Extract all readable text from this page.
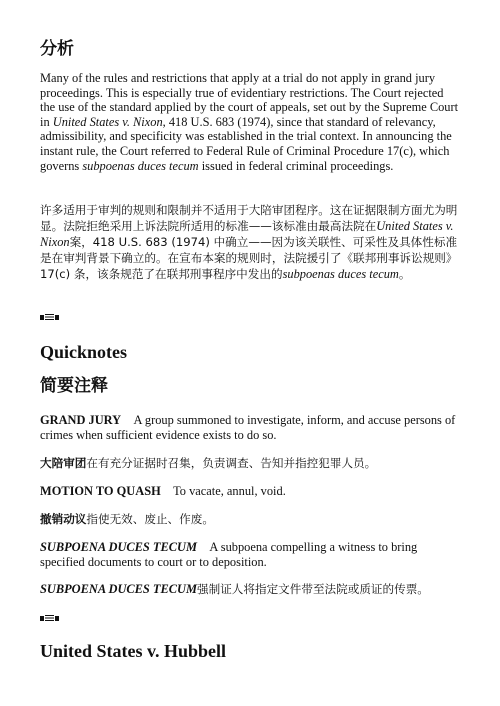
分析

Many of the rules and restrictions that apply at a trial do not apply in grand jury proceedings. This is especially true of evidentiary restrictions. The Court rejected the use of the standard applied by the court of appeals, set out by the Supreme Court in United States v. Nixon, 418 U.S. 683 (1974), since that standard of relevancy, admissibility, and specificity was established in the trial context. In announcing the instant rule, the Court referred to Federal Rule of Criminal Procedure 17(c), which governs subpoenas duces tecum issued in federal criminal proceedings.

许多适用于审判的规则和限制并不适用于大陪审团程序。这在证据限制方面尤为明显。法院拒绝采用上诉法院所适用的标准——该标准由最高法院在United States v. Nixon案，418 U.S. 683 (1974) 中确立——因为该关联性、可采性及具体性标准是在审判背景下确立的。在宣布本案的规则时，法院援引了《联邦刑事诉讼规则》17(c) 条，该条规范了在联邦刑事程序中发出的subpoenas duces tecum。

Quicknotes
简要注释

GRAND JURY A group summoned to investigate, inform, and accuse persons of crimes when sufficient evidence exists to do so.

大陪审团在有充分证据时召集，负责调查、告知并指控犯罪人员。

MOTION TO QUASH To vacate, annul, void.

撤销动议指使无效、废止、作废。

SUBPOENA DUCES TECUM A subpoena compelling a witness to bring specified documents to court or to deposition.

SUBPOENA DUCES TECUM强制证人将指定文件带至法院或质证的传票。

United States v. Hubbell
